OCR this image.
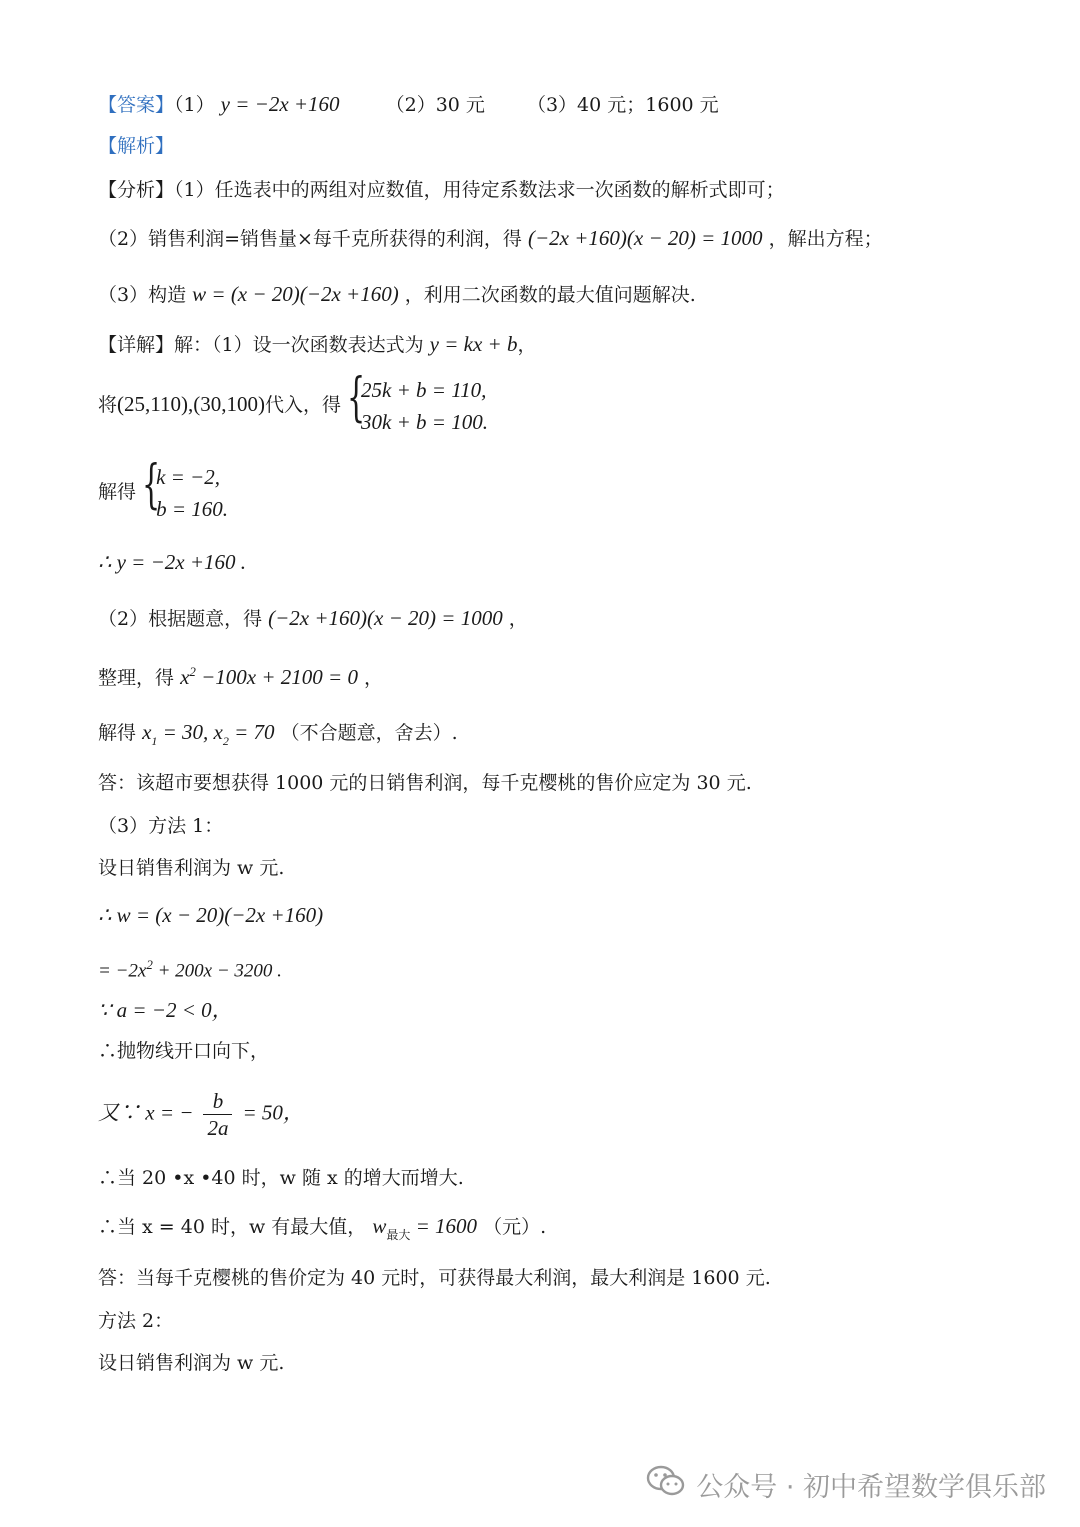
【答案】（1） y = −2x +160 （2）30 元 （3）40 元；1600 元
【解析】
【分析】（1）任选表中的两组对应数值，用待定系数法求一次函数的解析式即可；
（2）销售利润=销售量×每千克所获得的利润，得 (−2x +160)(x − 20) = 1000 ，解出方程；
（3）构造 w = (x − 20)(−2x +160) ，利用二次函数的最大值问题解决.
【详解】解：（1）设一次函数表达式为 y = kx + b，
将(25,110),(30,100)代入，得 {
25k + b = 110,
30k + b = 100.
解得 {
k = −2,
b = 160.
∴ y = −2x +160 .
（2）根据题意，得 (−2x +160)(x − 20) = 1000 ，
整理，得 $x^2 -100x + 2100 = 0$ ，
解得 $x_1 = 30$, $x_2 = 70$ （不合题意，舍去）.
答：该超市要想获得 1000 元的日销售利润，每千克樱桃的售价应定为 30 元.
（3）方法 1：
设日销售利润为 w 元.
∴ w = (x − 20)(−2x +160)
= $-2x^2 + 200x - 3200$ .
∵ a = −2 < 0，
∴抛物线开口向下，
又∵ x = − $\frac{b}{2a} = 50$，
∴当 20 •x •40 时，w 随 x 的增大而增大.
∴当 x = 40 时，w 有最大值， $w_{最大} = 1600$ （元）.
答：当每千克樱桃的售价定为 40 元时，可获得最大利润，最大利润是 1600 元.
方法 2：
设日销售利润为 w 元.
公众号 · 初中希望数学俱乐部
